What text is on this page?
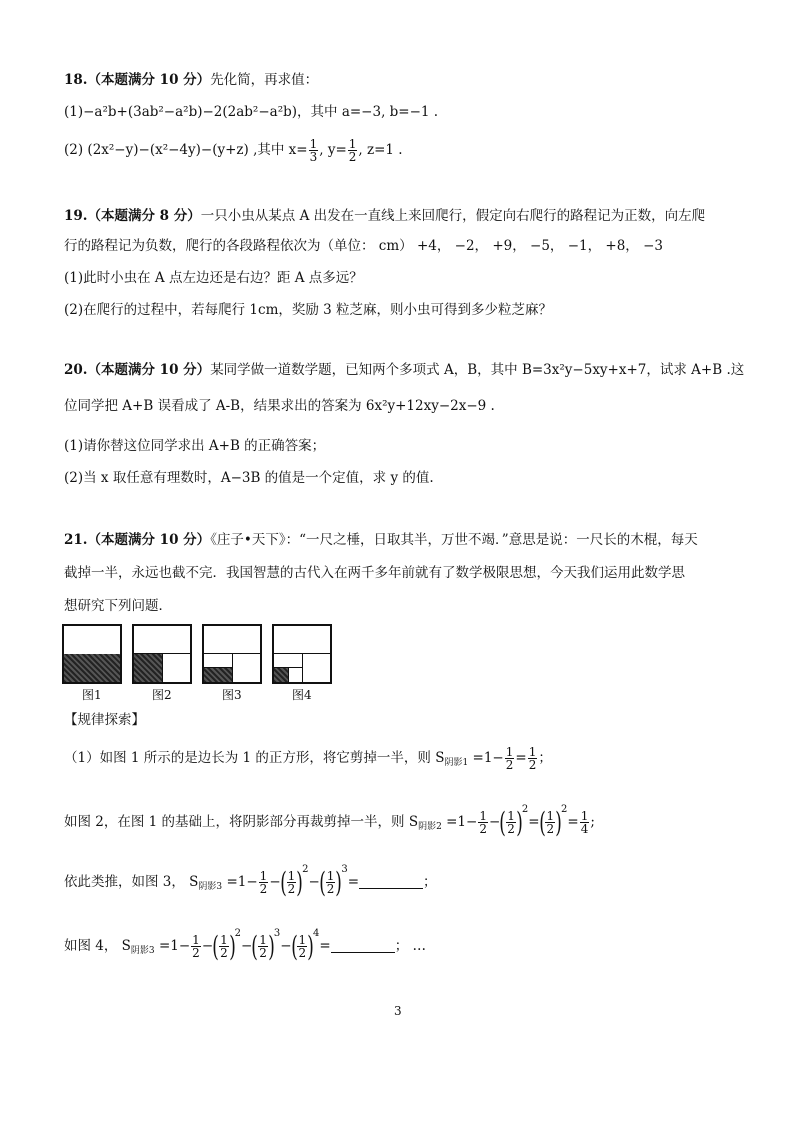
18.（本题满分 10 分）先化简，再求值：
(1)−a²b+(3ab²−a²b)−2(2ab²−a²b)，其中 a=−3, b=−1 .
(2) (2x²−y)−(x²−4y)−(y+z) ,其中 $x= \frac{1}{3}$ , $y= \frac{1}{2}$ , z=1 .
19.（本题满分 8 分）一只小虫从某点 A 出发在一直线上来回爬行，假定向右爬行的路程记为正数，向左爬
行的路程记为负数，爬行的各段路程依次为（单位： cm） +4， −2， +9， −5， −1， +8， −3
(1)此时小虫在 A 点左边还是右边？距 A 点多远？
(2)在爬行的过程中，若每爬行 1cm，奖励 3 粒芝麻，则小虫可得到多少粒芝麻？
20.（本题满分 10 分）某同学做一道数学题，已知两个多项式 A，B，其中 B=3x²y−5xy+x+7，试求 A+B .这
位同学把 A+B 误看成了 A-B，结果求出的答案为 6x²y+12xy−2x−9 .
(1)请你替这位同学求出 A+B 的正确答案；
(2)当 x 取任意有理数时，A−3B 的值是一个定值，求 y 的值.
21.（本题满分 10 分）《庄子•天下》：“一尺之棰，日取其半，万世不竭．”意思是说：一尺长的木棍，每天
截掉一半，永远也截不完．我国智慧的古代入在两千多年前就有了数学极限思想，今天我们运用此数学思
想研究下列问题．
图1	图2	图3	图4
【规律探索】
（1）如图 1 所示的是边长为 1 的正方形，将它剪掉一半，则 $S_{阴影1} =1- \frac{1}{2} = \frac{1}{2}$ ；
如图 2，在图 1 的基础上，将阴影部分再裁剪掉一半，则 $S_{阴影2} =1- \frac{1}{2}$ −( $\frac{1}{2} )^2=( \frac{1}{2} )^2= \frac{1}{4}$ ;
依此类推，如图 3， $S_{阴影3} =1- \frac{1}{2}$ −( $\frac{1}{2} )^2-( \frac{1}{2} )^3=$	；
如图 4， $S_{阴影3} =1- \frac{1}{2}$ −( $\frac{1}{2} )^2-( \frac{1}{2} )^3-( \frac{1}{2} )^4=$	； …
3
